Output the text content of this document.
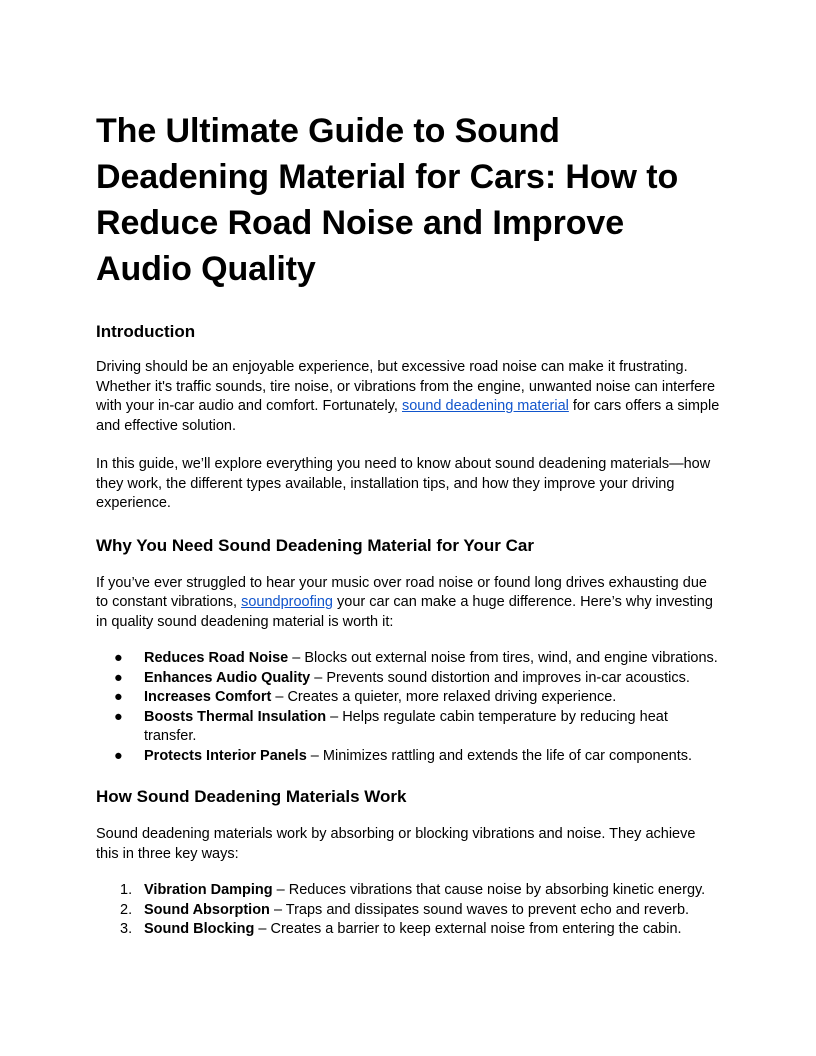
The Ultimate Guide to Sound Deadening Material for Cars: How to Reduce Road Noise and Improve Audio Quality
Introduction

Driving should be an enjoyable experience, but excessive road noise can make it frustrating. Whether it's traffic sounds, tire noise, or vibrations from the engine, unwanted noise can interfere with your in-car audio and comfort. Fortunately, sound deadening material for cars offers a simple and effective solution.

In this guide, we’ll explore everything you need to know about sound deadening materials—how they work, the different types available, installation tips, and how they improve your driving experience.

Why You Need Sound Deadening Material for Your Car

If you’ve ever struggled to hear your music over road noise or found long drives exhausting due to constant vibrations, soundproofing your car can make a huge difference. Here’s why investing in quality sound deadening material is worth it:

● Reduces Road Noise – Blocks out external noise from tires, wind, and engine vibrations.
● Enhances Audio Quality – Prevents sound distortion and improves in-car acoustics.
● Increases Comfort – Creates a quieter, more relaxed driving experience.
● Boosts Thermal Insulation – Helps regulate cabin temperature by reducing heat transfer.
● Protects Interior Panels – Minimizes rattling and extends the life of car components.
How Sound Deadening Materials Work

Sound deadening materials work by absorbing or blocking vibrations and noise. They achieve this in three key ways:

1. Vibration Damping – Reduces vibrations that cause noise by absorbing kinetic energy.
2. Sound Absorption – Traps and dissipates sound waves to prevent echo and reverb.
3. Sound Blocking – Creates a barrier to keep external noise from entering the cabin.
